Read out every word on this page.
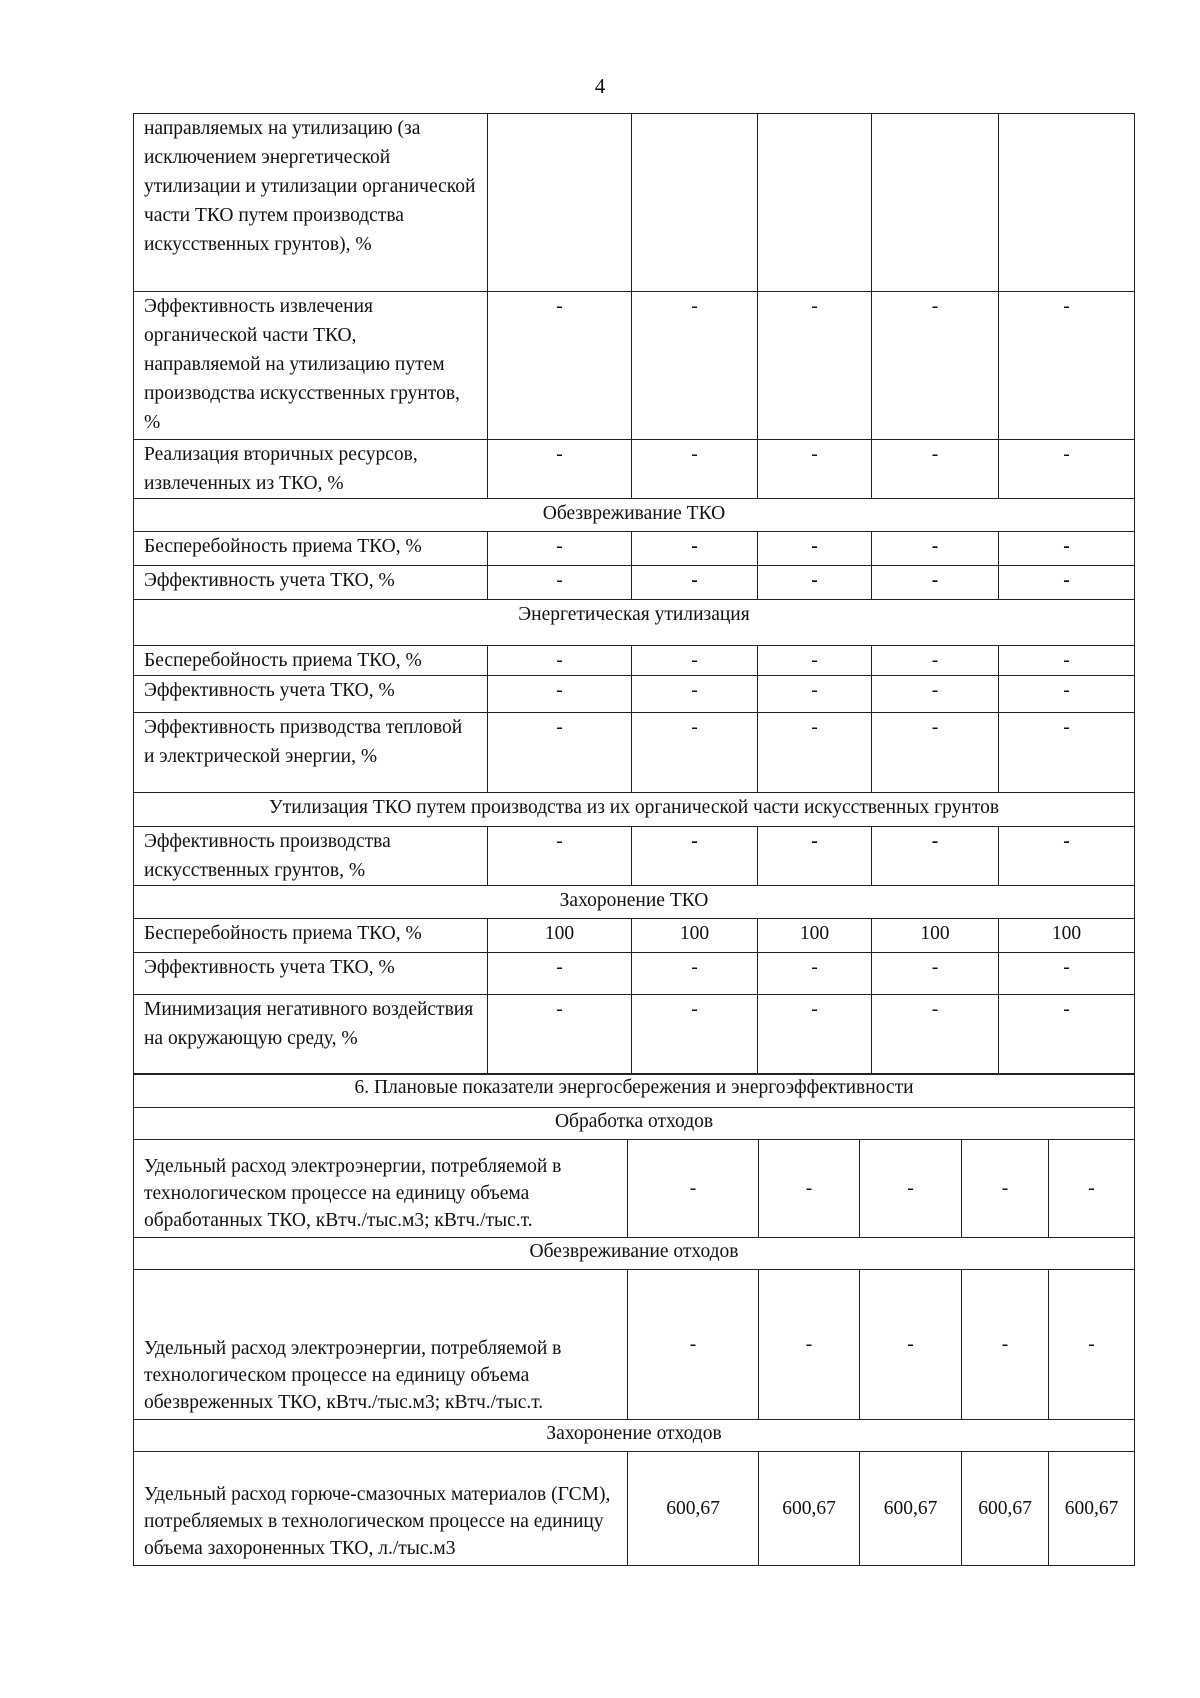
4
направляемых на утилизацию (за исключением энергетической утилизации и утилизации органической части ТКО путем производства искусственных грунтов), %					
Эффективность извлечения органической части ТКО, направляемой на утилизацию путем производства искусственных грунтов, %	-	-	-	-	-
Реализация вторичных ресурсов, извлеченных из ТКО, %	-	-	-	-	-
Обезвреживание ТКО					
Бесперебойность приема ТКО, %	-	-	-	-	-
Эффективность учета ТКО, %	-	-	-	-	-
Энергетическая утилизация					
Бесперебойность приема ТКО, %	-	-	-	-	-
Эффективность учета ТКО, %	-	-	-	-	-
Эффективность призводства тепловой и электрической энергии, %	-	-	-	-	-
Утилизация ТКО путем производства из их органической части искусственных грунтов					
Эффективность производства искусственных грунтов, %	-	-	-	-	-
Захоронение ТКО					
Бесперебойность приема ТКО, %	100	100	100	100	100
Эффективность учета ТКО, %	-	-	-	-	-
Минимизация негативного воздействия на окружающую среду, %	-	-	-	-	-
6. Плановые показатели энергосбережения и энергоэффективности					
Обработка отходов					
Удельный расход электроэнергии, потребляемой в технологическом процессе на единицу объема обработанных ТКО, кВтч./тыс.м3; кВтч./тыс.т.	-	-	-	-	-
Обезвреживание отходов					
Удельный расход электроэнергии, потребляемой в технологическом процессе на единицу объема обезвреженных ТКО, кВтч./тыс.м3; кВтч./тыс.т.	-	-	-	-	-
Захоронение отходов					
Удельный расход горюче-смазочных материалов (ГСМ), потребляемых в технологическом процессе на единицу объема захороненных ТКО, л./тыс.м3	600,67	600,67	600,67	600,67	600,67
